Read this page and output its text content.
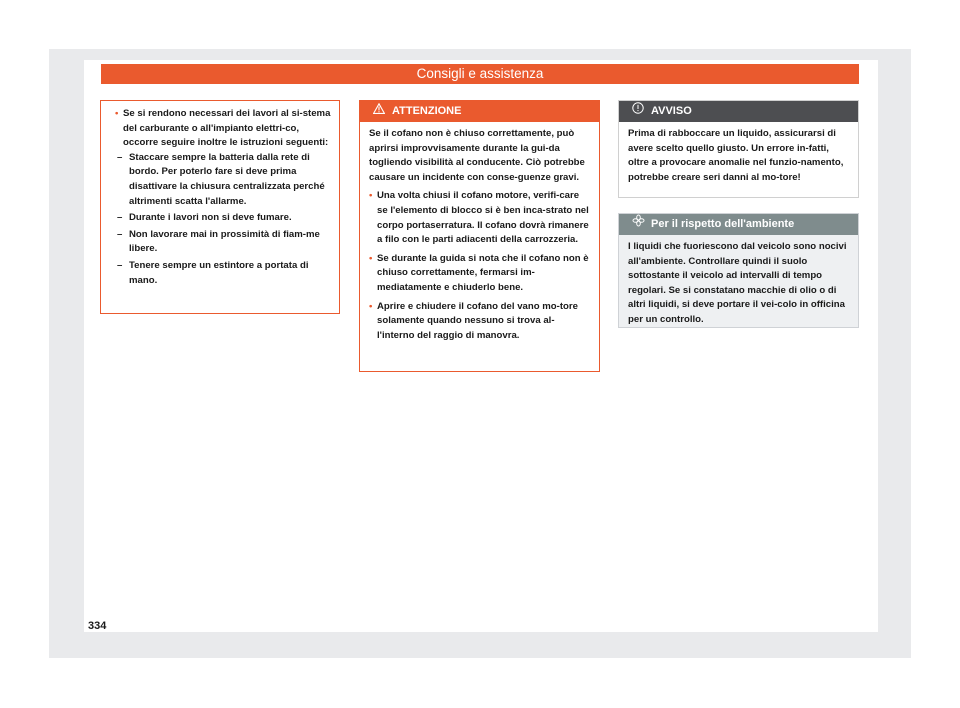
Consigli e assistenza
• Se si rendono necessari dei lavori al si-stema del carburante o all'impianto elettri-co, occorre seguire inoltre le istruzioni seguenti:
– Staccare sempre la batteria dalla rete di bordo. Per poterlo fare si deve prima disattivare la chiusura centralizzata perché altrimenti scatta l'allarme.
– Durante i lavori non si deve fumare.
– Non lavorare mai in prossimità di fiam-me libere.
– Tenere sempre un estintore a portata di mano.
ATTENZIONE

Se il cofano non è chiuso correttamente, può aprirsi improvvisamente durante la gui-da togliendo visibilità al conducente. Ciò potrebbe causare un incidente con conse-guenze gravi.

• Una volta chiusi il cofano motore, verifi-care se l'elemento di blocco si è ben inca-strato nel corpo portaserratura. Il cofano dovrà rimanere a filo con le parti adiacenti della carrozzeria.
• Se durante la guida si nota che il cofano non è chiuso correttamente, fermarsi im-mediatamente e chiuderlo bene.
• Aprire e chiudere il cofano del vano mo-tore solamente quando nessuno si trova al-l'interno del raggio di manovra.
AVVISO

Prima di rabboccare un liquido, assicurarsi di avere scelto quello giusto. Un errore in-fatti, oltre a provocare anomalie nel funzio-namento, potrebbe creare seri danni al mo-tore!

Per il rispetto dell'ambiente

I liquidi che fuoriescono dal veicolo sono nocivi all'ambiente. Controllare quindi il suolo sottostante il veicolo ad intervalli di tempo regolari. Se si constatano macchie di olio o di altri liquidi, si deve portare il vei-colo in officina per un controllo.

334
